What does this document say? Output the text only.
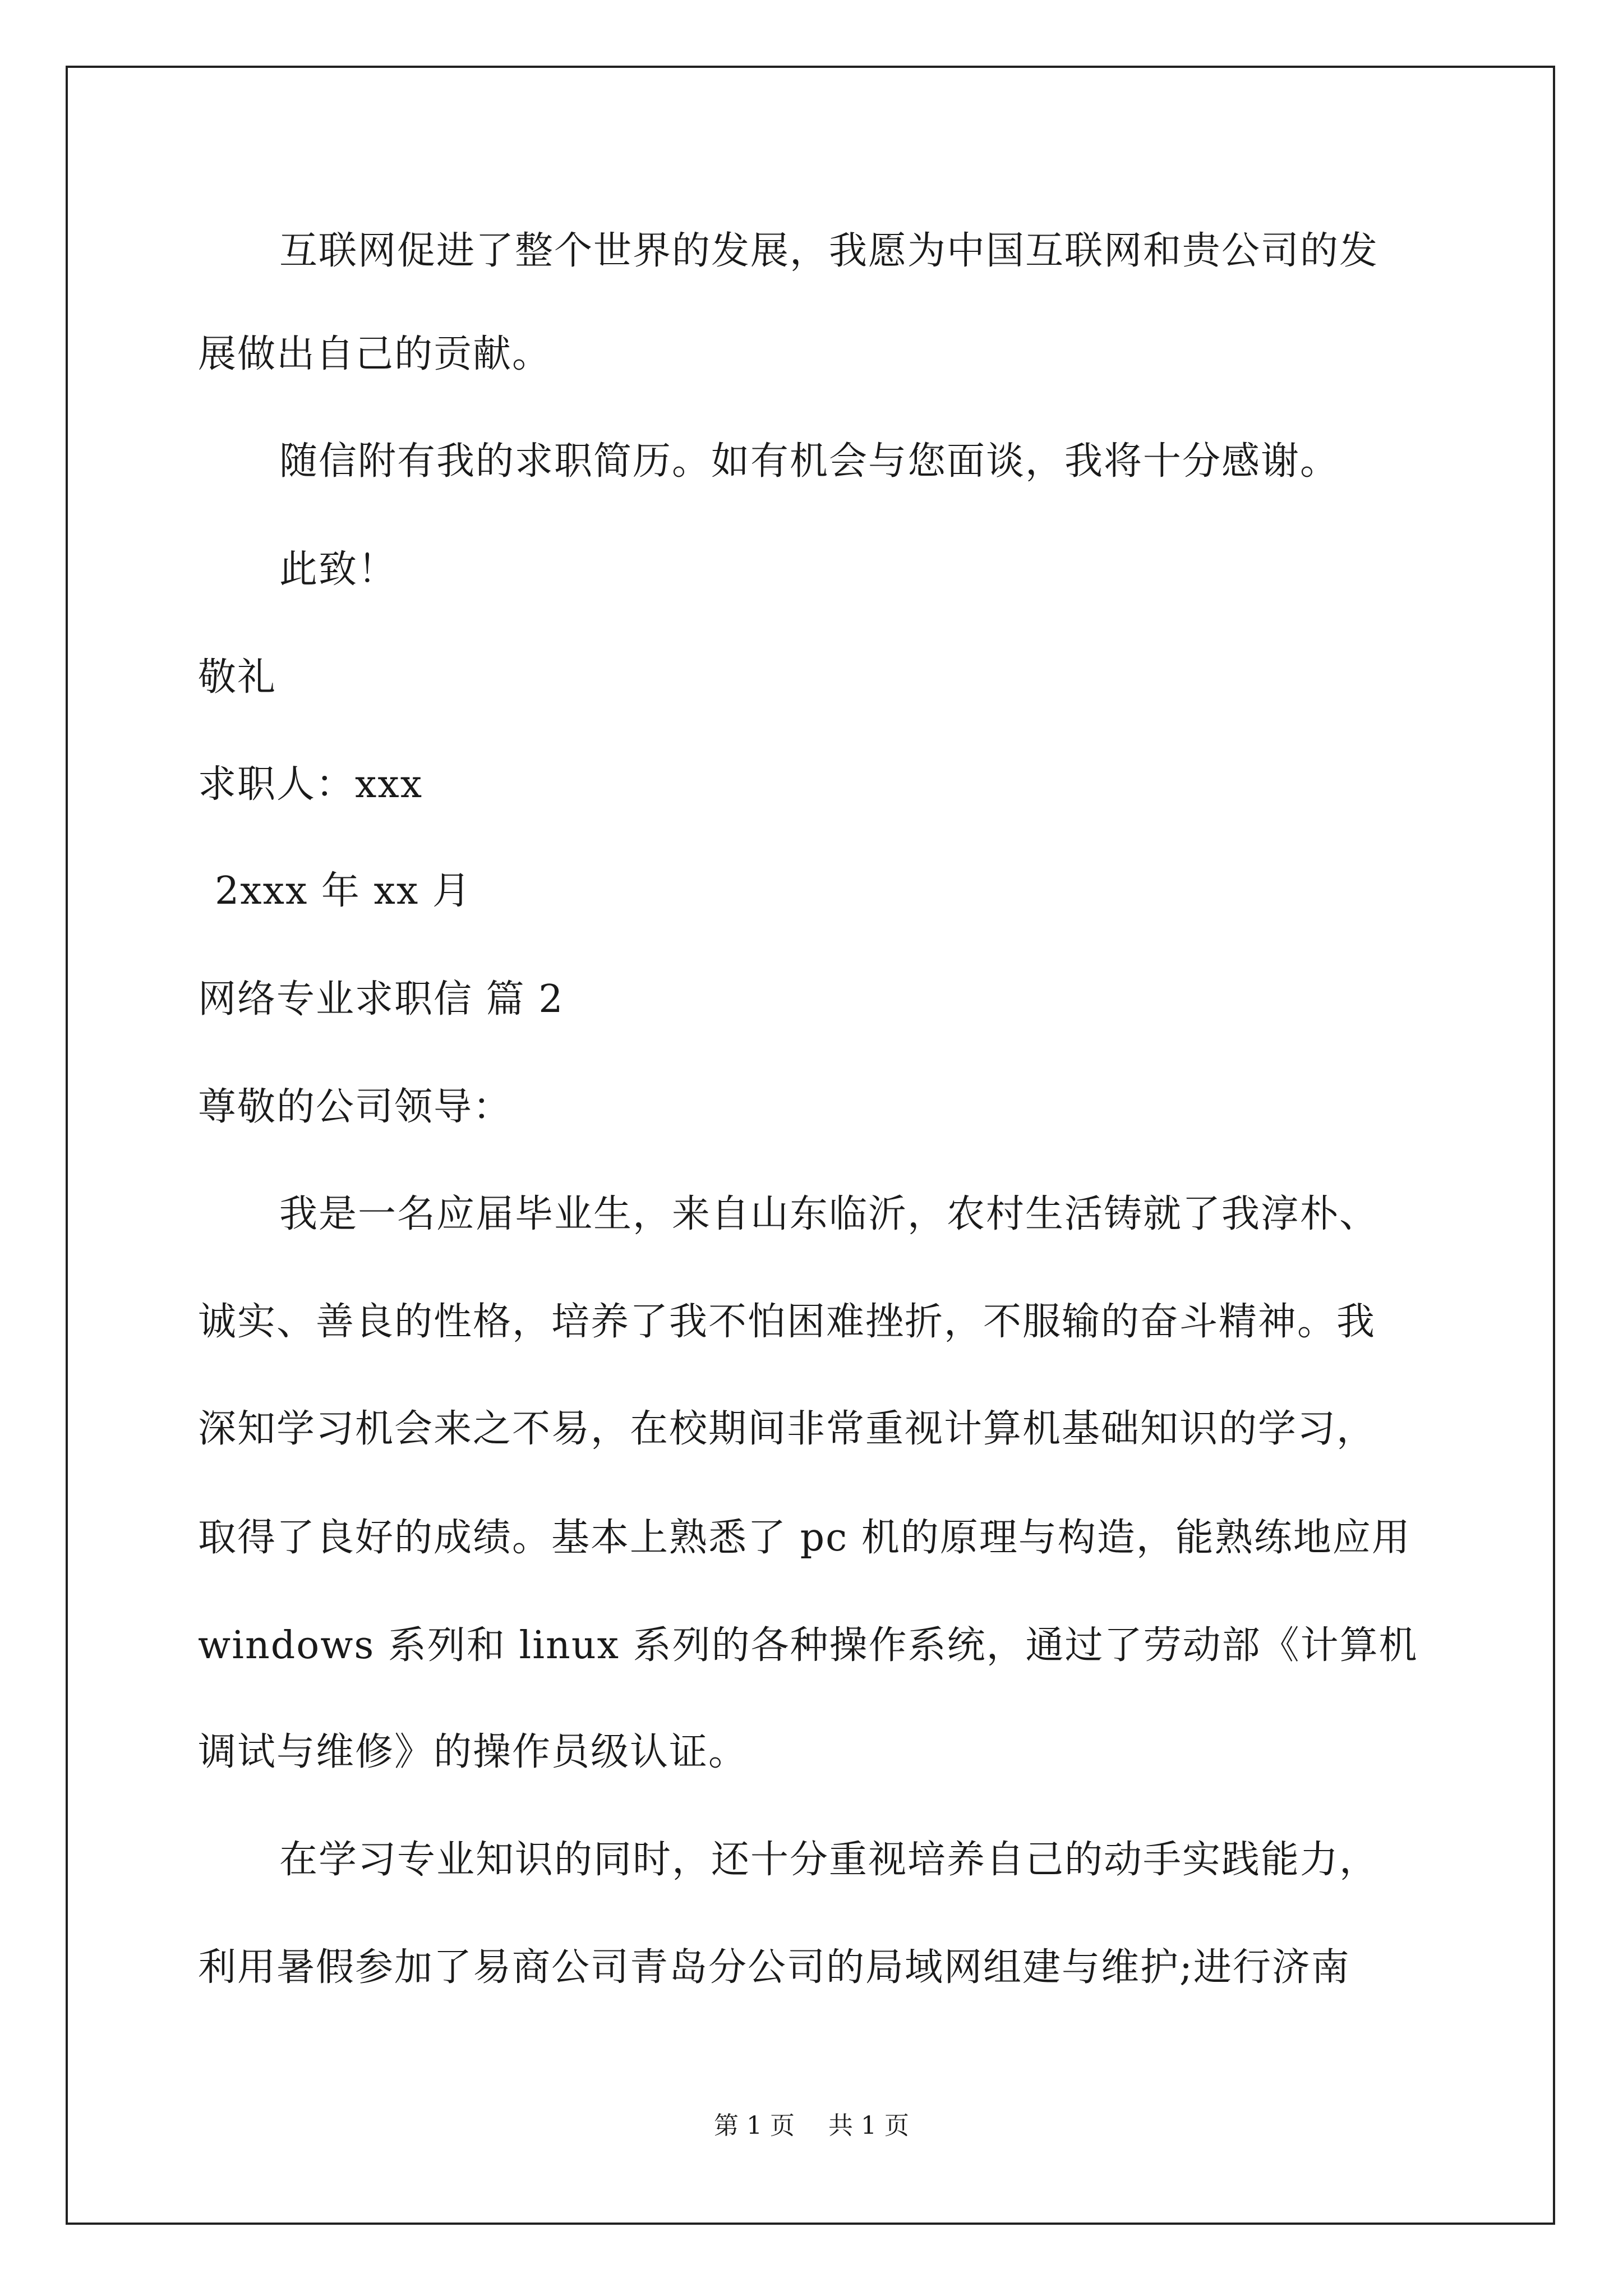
互联网促进了整个世界的发展，我愿为中国互联网和贵公司的发
展做出自己的贡献。
随信附有我的求职简历。如有机会与您面谈，我将十分感谢。
此致！
敬礼
求职人：xxx
2xxx 年 xx 月
网络专业求职信 篇 2
尊敬的公司领导：
我是一名应届毕业生，来自山东临沂，农村生活铸就了我淳朴、
诚实、善良的性格，培养了我不怕困难挫折，不服输的奋斗精神。我
深知学习机会来之不易，在校期间非常重视计算机基础知识的学习，
取得了良好的成绩。基本上熟悉了 pc 机的原理与构造，能熟练地应用
windows 系列和 linux 系列的各种操作系统，通过了劳动部《计算机
调试与维修》的操作员级认证。
在学习专业知识的同时，还十分重视培养自己的动手实践能力，
利用暑假参加了易商公司青岛分公司的局域网组建与维护;进行济南
第 1 页 共 1 页
